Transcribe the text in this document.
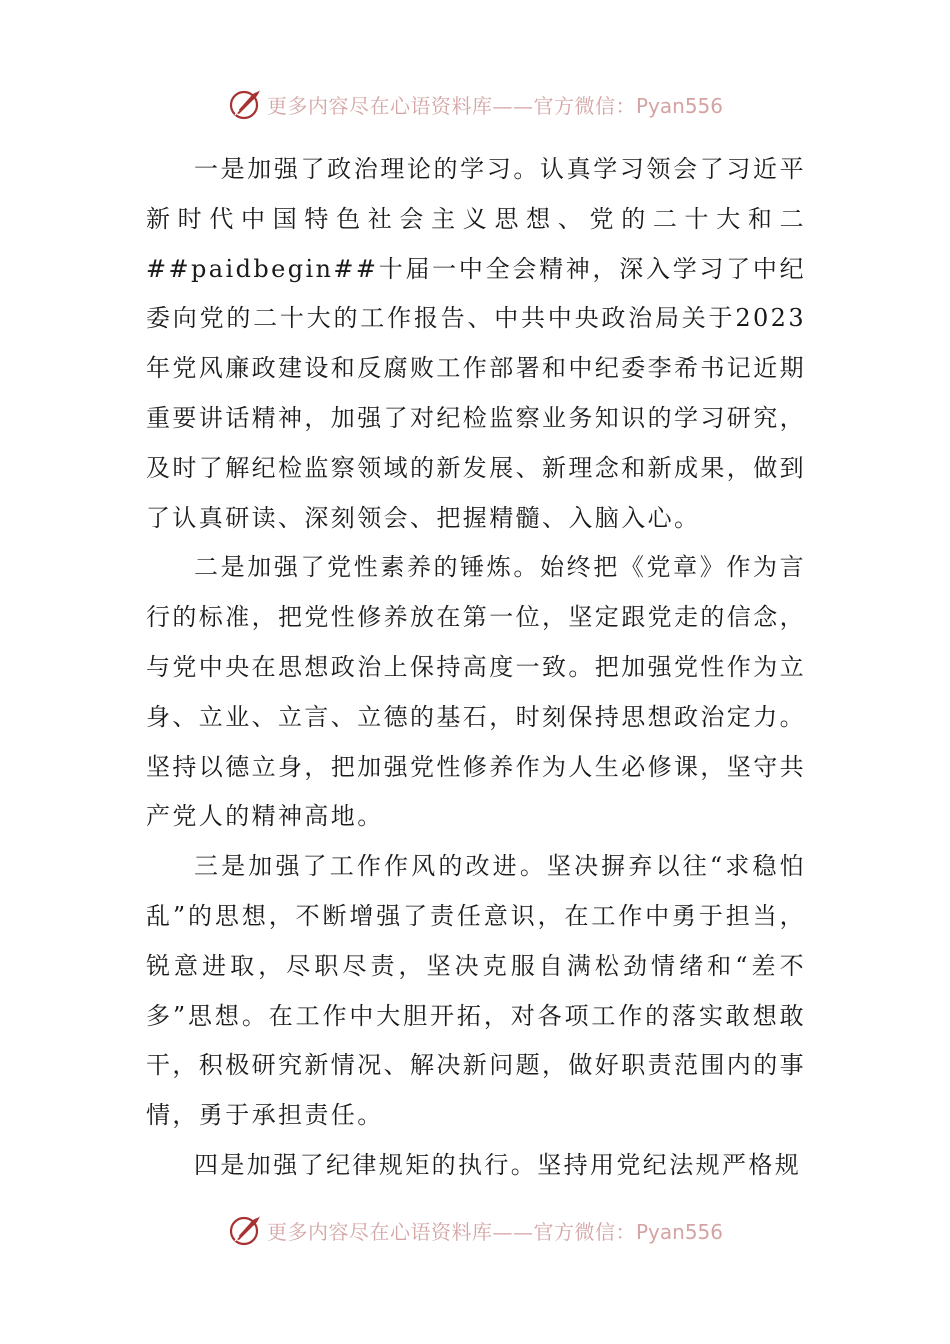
更多内容尽在心语资料库——官方微信：Pyan556

一是加强了政治理论的学习。认真学习领会了习近平新时代中国特色社会主义思想、党的二十大和二##paidbegin##十届一中全会精神，深入学习了中纪委向党的二十大的工作报告、中共中央政治局关于2023年党风廉政建设和反腐败工作部署和中纪委李希书记近期重要讲话精神，加强了对纪检监察业务知识的学习研究，及时了解纪检监察领域的新发展、新理念和新成果，做到了认真研读、深刻领会、把握精髓、入脑入心。

二是加强了党性素养的锤炼。始终把《党章》作为言行的标准，把党性修养放在第一位，坚定跟党走的信念，与党中央在思想政治上保持高度一致。把加强党性作为立身、立业、立言、立德的基石，时刻保持思想政治定力。坚持以德立身，把加强党性修养作为人生必修课，坚守共产党人的精神高地。

三是加强了工作作风的改进。坚决摒弃以往“求稳怕乱”的思想，不断增强了责任意识，在工作中勇于担当，锐意进取，尽职尽责，坚决克服自满松劲情绪和“差不多”思想。在工作中大胆开拓，对各项工作的落实敢想敢干，积极研究新情况、解决新问题，做好职责范围内的事情，勇于承担责任。

四是加强了纪律规矩的执行。坚持用党纪法规严格规

更多内容尽在心语资料库——官方微信：Pyan556
